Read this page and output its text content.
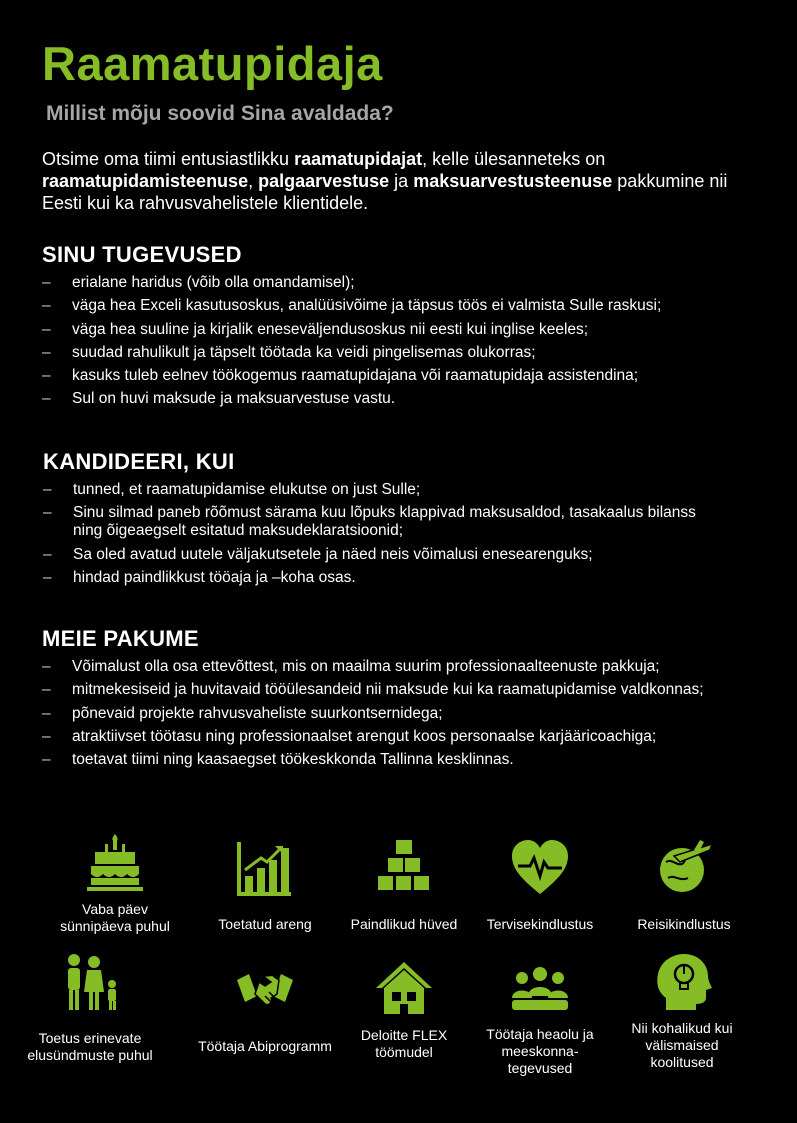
Raamatupidaja
Millist mõju soovid Sina avaldada?
Otsime oma tiimi entusiastlikku raamatupidajat, kelle ülesanneteks on raamatupidamisteenuse, palgaarvestuse ja maksuarvestusteenuse pakkumine nii Eesti kui ka rahvusvahelistele klientidele.
SINU TUGEVUSED
– erialane haridus (võib olla omandamisel);
– väga hea Exceli kasutusoskus, analüüsivõime ja täpsus töös ei valmista Sulle raskusi;
– väga hea suuline ja kirjalik eneseväljendusoskus nii eesti kui inglise keeles;
– suudad rahulikult ja täpselt töötada ka veidi pingelisemas olukorras;
– kasuks tuleb eelnev töökogemus raamatupidajana või raamatupidaja assistendina;
– Sul on huvi maksude ja maksuarvestuse vastu.
KANDIDEERI, KUI
– tunned, et raamatupidamise elukutse on just Sulle;
– Sinu silmad paneb rõõmust särama kuu lõpuks klappivad maksusaldod, tasakaalus bilanss ning õigeaegselt esitatud maksudeklaratsioonid;
– Sa oled avatud uutele väljakutsetele ja näed neis võimalusi enesearenguks;
– hindad paindlikkust tööaja ja –koha osas.
MEIE PAKUME
– Võimalust olla osa ettevõttest, mis on maailma suurim professionaalteenuste pakkuja;
– mitmekesiseid ja huvitavaid tööülesandeid nii maksude kui ka raamatupidamise valdkonnas;
– põnevaid projekte rahvusvaheliste suurkontsernidega;
– atraktiivset töötasu ning professionaalset arengut koos personaalse karjääricoachiga;
– toetavat tiimi ning kaasaegset töökeskkonda Tallinna kesklinnas.
Vaba päev sünnipäeva puhul	Toetatud areng	Paindlikud hüved	Tervisekindlustus	Reisikindlustus
Toetus erinevate elusündmuste puhul
Töötaja Abiprogramm
Deloitte FLEX töömudel
Töötaja heaolu ja meeskonna-tegevused
Nii kohalikud kui välismaised koolitused
